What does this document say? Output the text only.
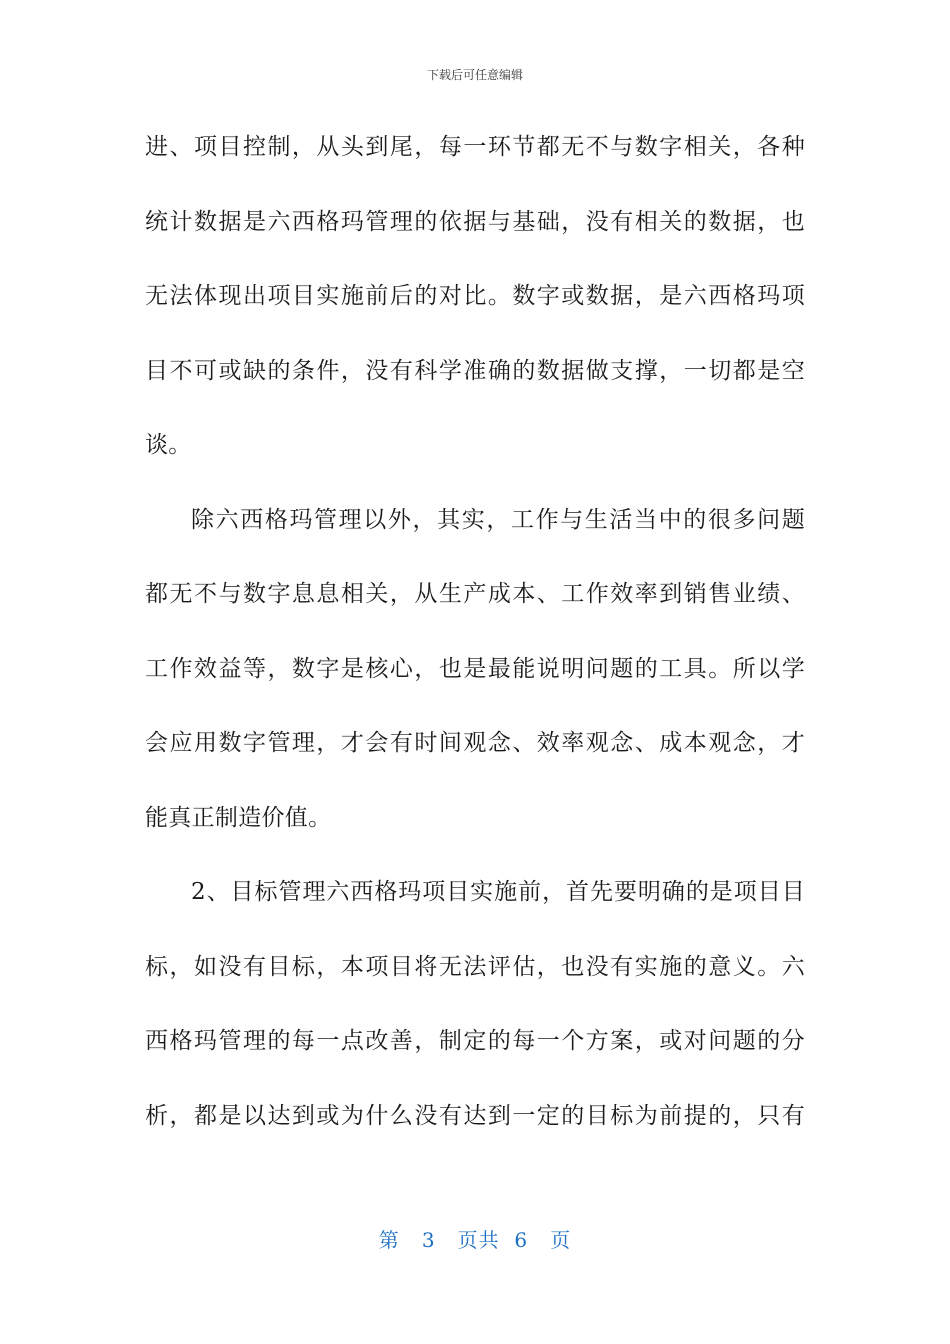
下载后可任意编辑
进、项目控制，从头到尾，每一环节都无不与数字相关，各种
统计数据是六西格玛管理的依据与基础，没有相关的数据，也
无法体现出项目实施前后的对比。数字或数据，是六西格玛项
目不可或缺的条件，没有科学准确的数据做支撑，一切都是空
谈。
除六西格玛管理以外，其实，工作与生活当中的很多问题
都无不与数字息息相关，从生产成本、工作效率到销售业绩、
工作效益等，数字是核心，也是最能说明问题的工具。所以学
会应用数字管理，才会有时间观念、效率观念、成本观念，才
能真正制造价值。
2、目标管理六西格玛项目实施前，首先要明确的是项目目
标，如没有目标，本项目将无法评估，也没有实施的意义。六
西格玛管理的每一点改善，制定的每一个方案，或对问题的分
析，都是以达到或为什么没有达到一定的目标为前提的，只有
第 3 页共 6 页
